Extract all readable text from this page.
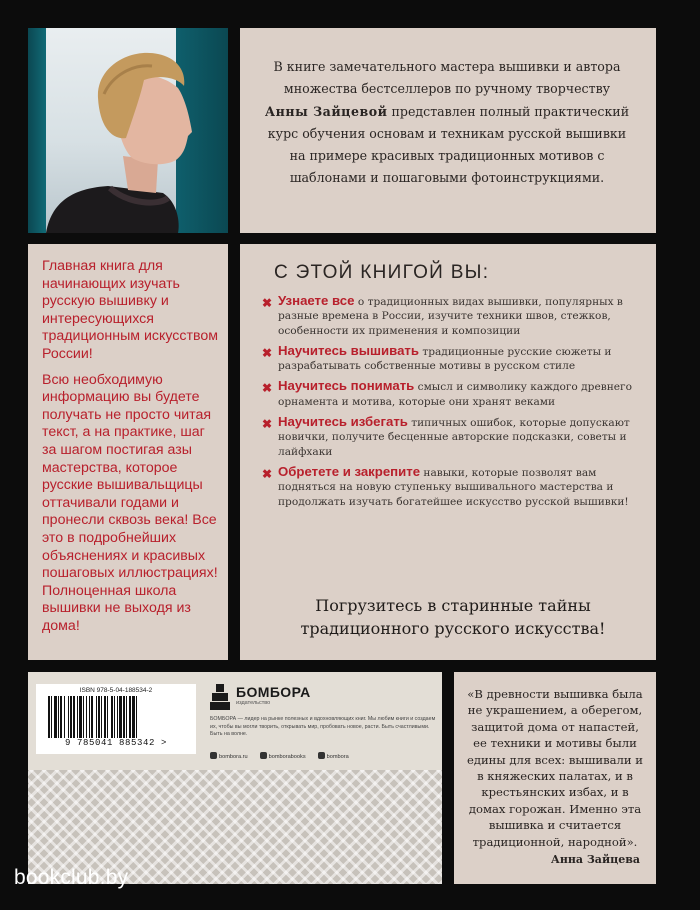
В книге замечательного мастера вышивки и автора множества бестселлеров по ручному творчеству Анны Зайцевой представлен полный практический курс обучения основам и техникам русской вышивки на примере красивых традиционных мотивов с шаблонами и пошаговыми фотоинструкциями.

Главная книга для начинающих изучать русскую вышивку и интересующихся традиционным искусством России!

Всю необходимую информацию вы будете получать не просто читая текст, а на практике, шаг за шагом постигая азы мастерства, которое русские вышивальщицы оттачивали годами и пронесли сквозь века! Все это в подробнейших объяснениях и красивых пошаговых иллюстрациях! Полноценная школа вышивки не выходя из дома!

С ЭТОЙ КНИГОЙ ВЫ:
✖ Узнаете все о традиционных видах вышивки, популярных в разные времена в России, изучите техники швов, стежков, особенности их применения и композиции
✖ Научитесь вышивать традиционные русские сюжеты и разрабатывать собственные мотивы в русском стиле
✖ Научитесь понимать смысл и символику каждого древнего орнамента и мотива, которые они хранят веками
✖ Научитесь избегать типичных ошибок, которые допускают новички, получите бесценные авторские подсказки, советы и лайфхаки
✖ Обретете и закрепите навыки, которые позволят вам подняться на новую ступеньку вышивального мастерства и продолжать изучать богатейшее искусство русской вышивки!
Погрузитесь в старинные тайны традиционного русского искусства!
ISBN 978-5-04-188534-2
9 785041 885342 >
БОМБОРА
издательство
БОМБОРА — лидер на рынке полезных и вдохновляющих книг. Мы любим книги и создаем их, чтобы вы могли творить, открывать мир, пробовать новое, расти. Быть счастливыми. Быть на волне.
bombora.ru	bomborabooks	bombora
«В древности вышивка была не украшением, а оберегом, защитой дома от напастей, ее техники и мотивы были едины для всех: вышивали и в княжеских палатах, и в крестьянских избах, и в домах горожан. Именно эта вышивка и считается традиционной, народной».
Анна Зайцева
bookclub.by
